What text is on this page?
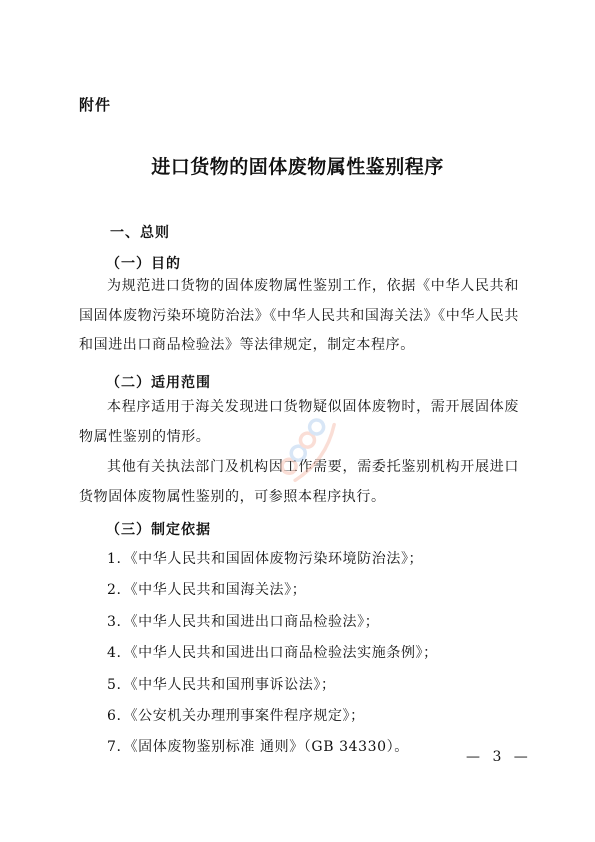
附件
进口货物的固体废物属性鉴别程序
一、总则
（一）目的
为规范进口货物的固体废物属性鉴别工作，依据《中华人民共和国固体废物污染环境防治法》《中华人民共和国海关法》《中华人民共和国进出口商品检验法》等法律规定，制定本程序。
（二）适用范围
本程序适用于海关发现进口货物疑似固体废物时，需开展固体废物属性鉴别的情形。
其他有关执法部门及机构因工作需要，需委托鉴别机构开展进口货物固体废物属性鉴别的，可参照本程序执行。
（三）制定依据
1. 《中华人民共和国固体废物污染环境防治法》；
2. 《中华人民共和国海关法》；
3. 《中华人民共和国进出口商品检验法》；
4. 《中华人民共和国进出口商品检验法实施条例》；
5. 《中华人民共和国刑事诉讼法》；
6. 《公安机关办理刑事案件程序规定》；
7. 《固体废物鉴别标准 通则》（GB 34330）。
— 3 —
